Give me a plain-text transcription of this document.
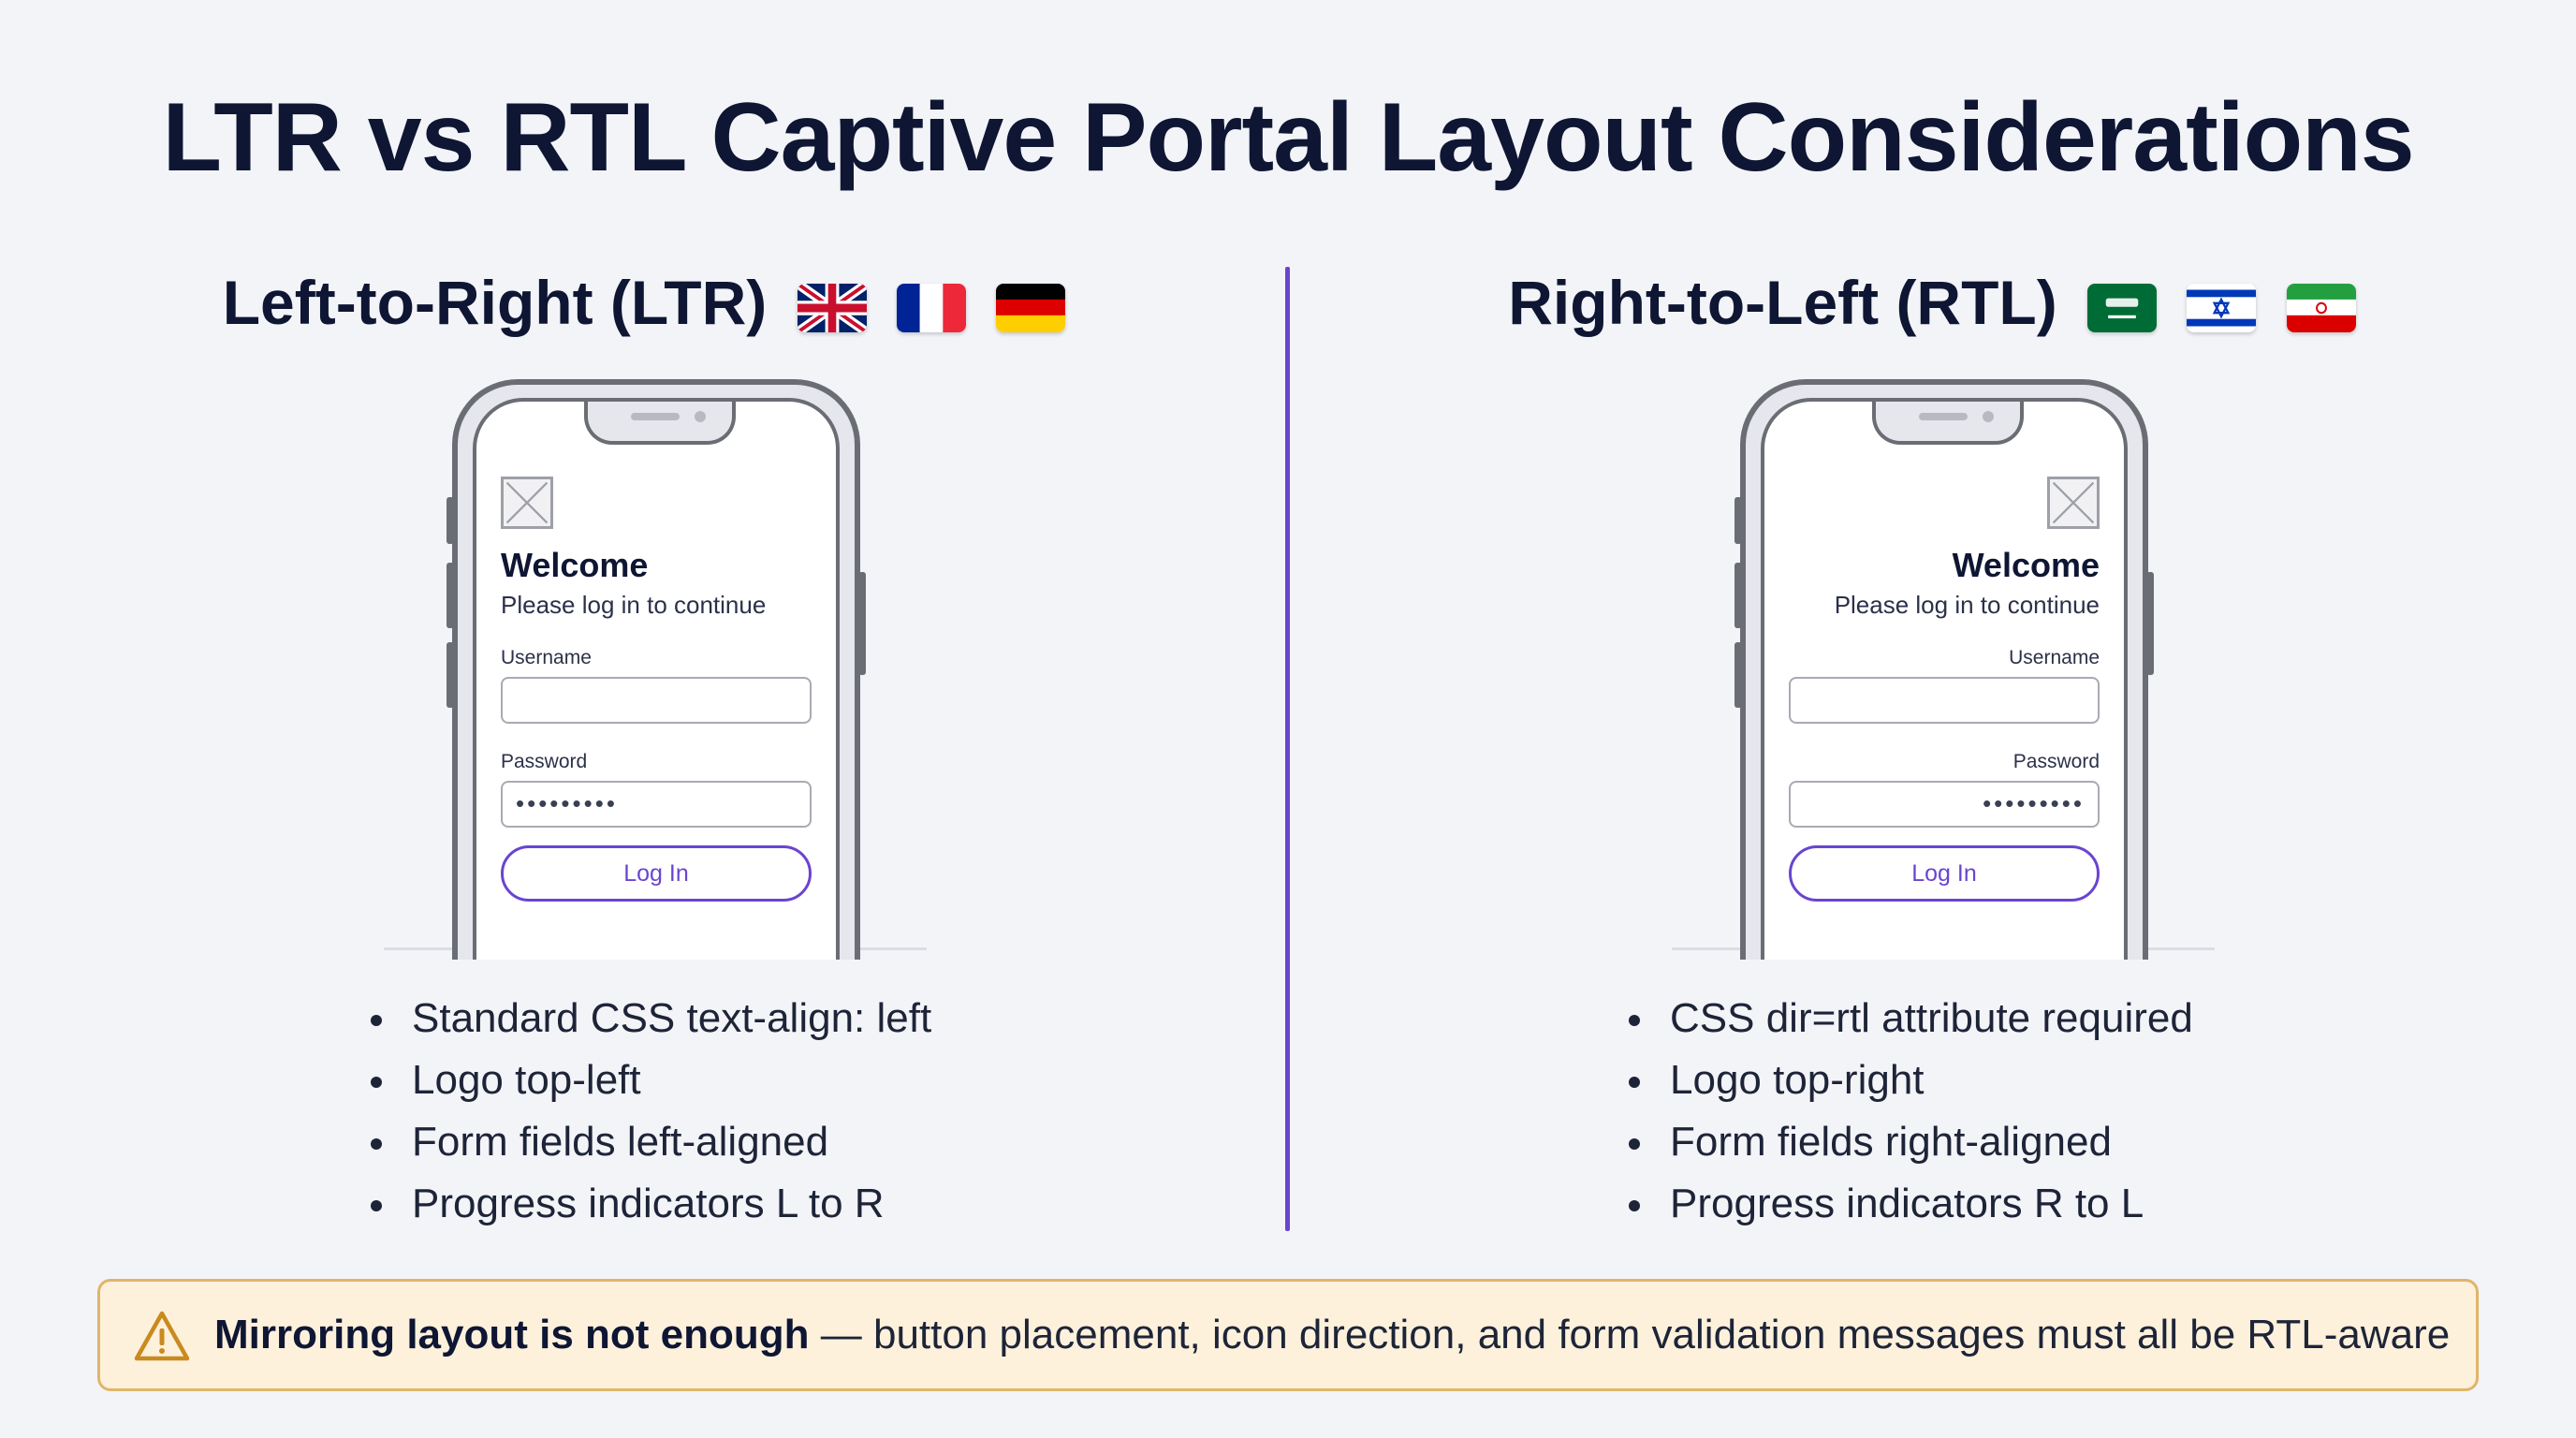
LTR vs RTL Captive Portal Layout Considerations
Left-to-Right (LTR)

Welcome
Please log in to continue
Username
Password
•••••••••
Log In
Standard CSS text-align: left
Logo top-left
Form fields left-aligned
Progress indicators L to R
Right-to-Left (RTL)

Welcome
Please log in to continue
Username
Password
•••••••••
Log In
CSS dir=rtl attribute required
Logo top-right
Form fields right-aligned
Progress indicators R to L
Mirroring layout is not enough — button placement, icon direction, and form validation messages must all be RTL-aware
